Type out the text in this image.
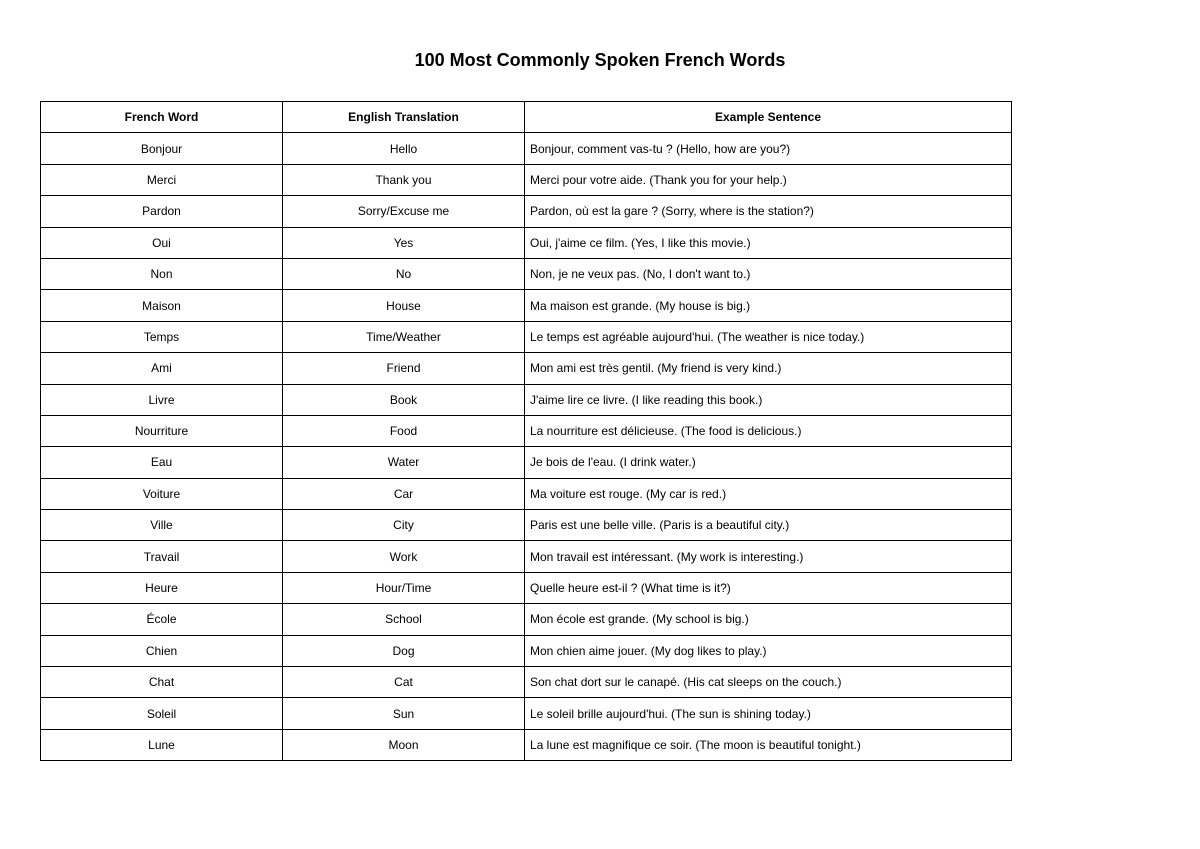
100 Most Commonly Spoken French Words
French Word	English Translation	Example Sentence
Bonjour	Hello	Bonjour, comment vas-tu ? (Hello, how are you?)
Merci	Thank you	Merci pour votre aide. (Thank you for your help.)
Pardon	Sorry/Excuse me	Pardon, où est la gare ? (Sorry, where is the station?)
Oui	Yes	Oui, j'aime ce film. (Yes, I like this movie.)
Non	No	Non, je ne veux pas. (No, I don't want to.)
Maison	House	Ma maison est grande. (My house is big.)
Temps	Time/Weather	Le temps est agréable aujourd'hui. (The weather is nice today.)
Ami	Friend	Mon ami est très gentil. (My friend is very kind.)
Livre	Book	J'aime lire ce livre. (I like reading this book.)
Nourriture	Food	La nourriture est délicieuse. (The food is delicious.)
Eau	Water	Je bois de l'eau. (I drink water.)
Voiture	Car	Ma voiture est rouge. (My car is red.)
Ville	City	Paris est une belle ville. (Paris is a beautiful city.)
Travail	Work	Mon travail est intéressant. (My work is interesting.)
Heure	Hour/Time	Quelle heure est-il ? (What time is it?)
École	School	Mon école est grande. (My school is big.)
Chien	Dog	Mon chien aime jouer. (My dog likes to play.)
Chat	Cat	Son chat dort sur le canapé. (His cat sleeps on the couch.)
Soleil	Sun	Le soleil brille aujourd'hui. (The sun is shining today.)
Lune	Moon	La lune est magnifique ce soir. (The moon is beautiful tonight.)
